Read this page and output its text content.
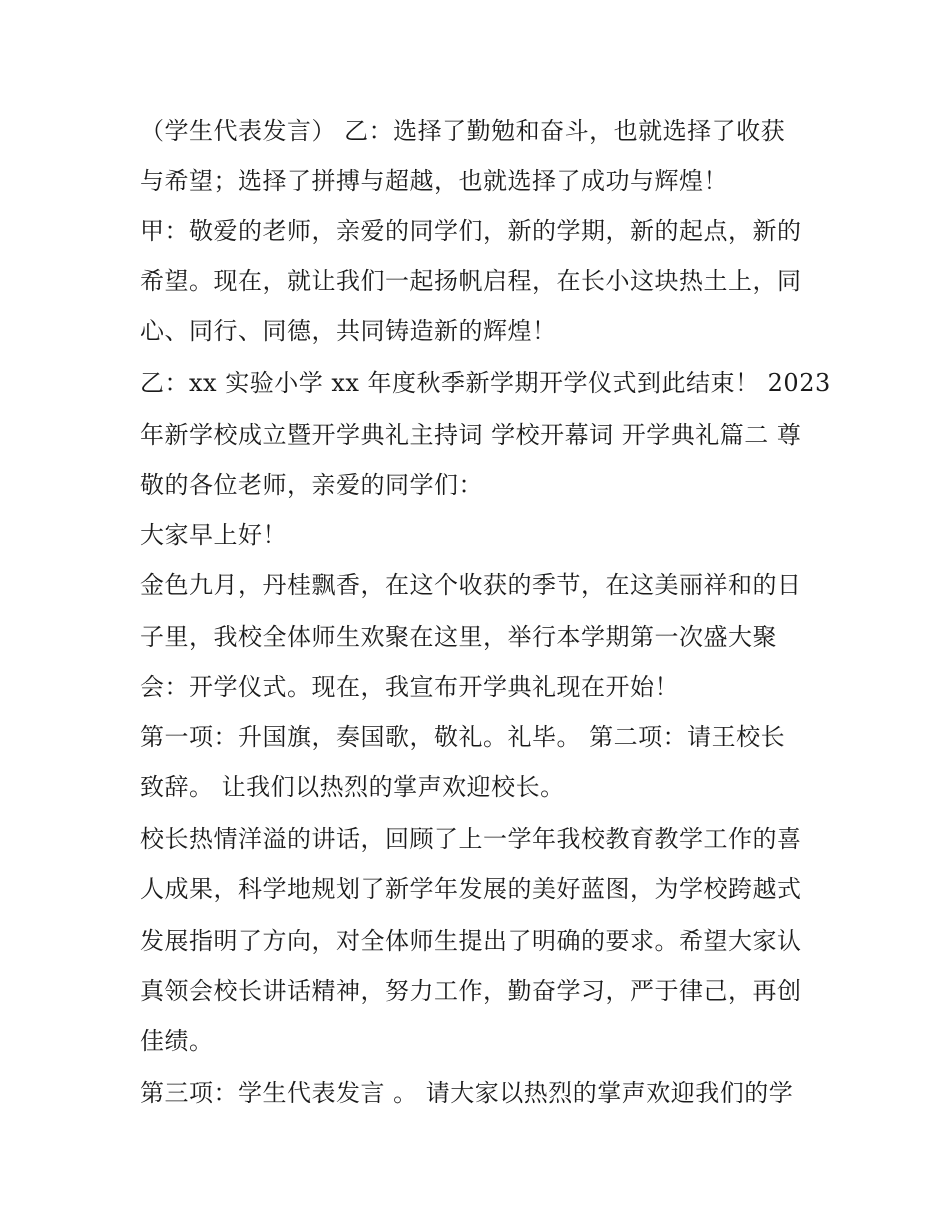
（学生代表发言） 乙：选择了勤勉和奋斗，也就选择了收获
与希望；选择了拼搏与超越，也就选择了成功与辉煌！
甲：敬爱的老师，亲爱的同学们，新的学期，新的起点，新的
希望。现在，就让我们一起扬帆启程，在长小这块热土上，同
心、同行、同德，共同铸造新的辉煌！
乙：xx 实验小学 xx 年度秋季新学期开学仪式到此结束！ 2023
年新学校成立暨开学典礼主持词 学校开幕词 开学典礼篇二 尊
敬的各位老师，亲爱的同学们：
大家早上好！
金色九月，丹桂飘香，在这个收获的季节，在这美丽祥和的日
子里，我校全体师生欢聚在这里，举行本学期第一次盛大聚
会：开学仪式。现在，我宣布开学典礼现在开始！
第一项：升国旗，奏国歌，敬礼。礼毕。 第二项：请王校长
致辞。 让我们以热烈的掌声欢迎校长。
校长热情洋溢的讲话，回顾了上一学年我校教育教学工作的喜
人成果，科学地规划了新学年发展的美好蓝图，为学校跨越式
发展指明了方向，对全体师生提出了明确的要求。希望大家认
真领会校长讲话精神，努力工作，勤奋学习，严于律己，再创
佳绩。
第三项：学生代表发言 。 请大家以热烈的掌声欢迎我们的学
